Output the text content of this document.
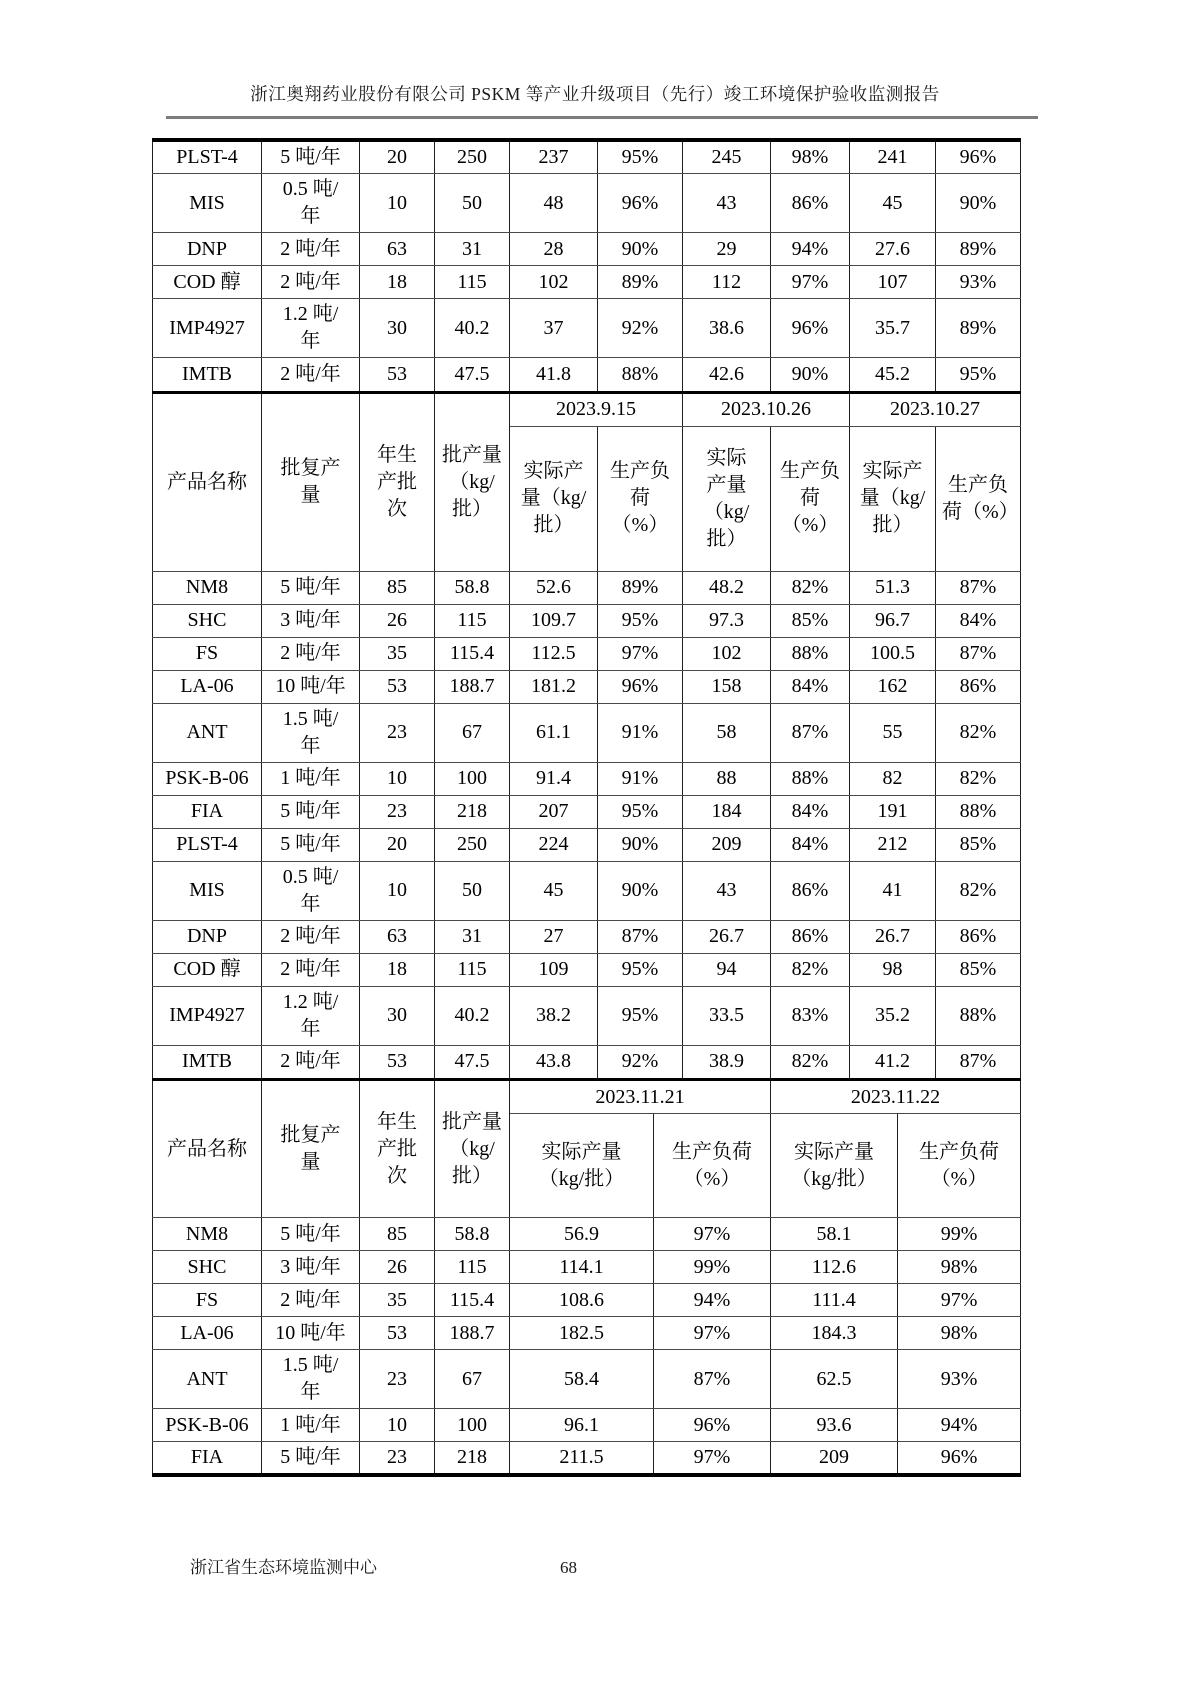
浙江奥翔药业股份有限公司 PSKM 等产业升级项目（先行）竣工环境保护验收监测报告
PLST-4	5 吨/年	20	250	237	95%	245	98%	241	96%
MIS	0.5 吨/年	10	50	48	96%	43	86%	45	90%
DNP	2 吨/年	63	31	28	90%	29	94%	27.6	89%
COD 醇	2 吨/年	18	115	102	89%	112	97%	107	93%
IMP4927	1.2 吨/年	30	40.2	37	92%	38.6	96%	35.7	89%
IMTB	2 吨/年	53	47.5	41.8	88%	42.6	90%	45.2	95%
产品名称	批复产量	年生产批次	批产量（kg/批）	2023.9.15		2023.10.26		2023.10.27	
				实际产量（kg/批）	生产负荷（%）	实际产量（kg/批）	生产负荷（%）	实际产量（kg/批）	生产负荷（%）
NM8	5 吨/年	85	58.8	52.6	89%	48.2	82%	51.3	87%
SHC	3 吨/年	26	115	109.7	95%	97.3	85%	96.7	84%
FS	2 吨/年	35	115.4	112.5	97%	102	88%	100.5	87%
LA-06	10 吨/年	53	188.7	181.2	96%	158	84%	162	86%
ANT	1.5 吨/年	23	67	61.1	91%	58	87%	55	82%
PSK-B-06	1 吨/年	10	100	91.4	91%	88	88%	82	82%
FIA	5 吨/年	23	218	207	95%	184	84%	191	88%
PLST-4	5 吨/年	20	250	224	90%	209	84%	212	85%
MIS	0.5 吨/年	10	50	45	90%	43	86%	41	82%
DNP	2 吨/年	63	31	27	87%	26.7	86%	26.7	86%
COD 醇	2 吨/年	18	115	109	95%	94	82%	98	85%
IMP4927	1.2 吨/年	30	40.2	38.2	95%	33.5	83%	35.2	88%
IMTB	2 吨/年	53	47.5	43.8	92%	38.9	82%	41.2	87%
产品名称	批复产量	年生产批次	批产量（kg/批）	2023.11.21		2023.11.22	
				实际产量（kg/批）	生产负荷（%）	实际产量（kg/批）	生产负荷（%）
NM8	5 吨/年	85	58.8	56.9	97%	58.1	99%
SHC	3 吨/年	26	115	114.1	99%	112.6	98%
FS	2 吨/年	35	115.4	108.6	94%	111.4	97%
LA-06	10 吨/年	53	188.7	182.5	97%	184.3	98%
ANT	1.5 吨/年	23	67	58.4	87%	62.5	93%
PSK-B-06	1 吨/年	10	100	96.1	96%	93.6	94%
FIA	5 吨/年	23	218	211.5	97%	209	96%
浙江省生态环境监测中心	68
